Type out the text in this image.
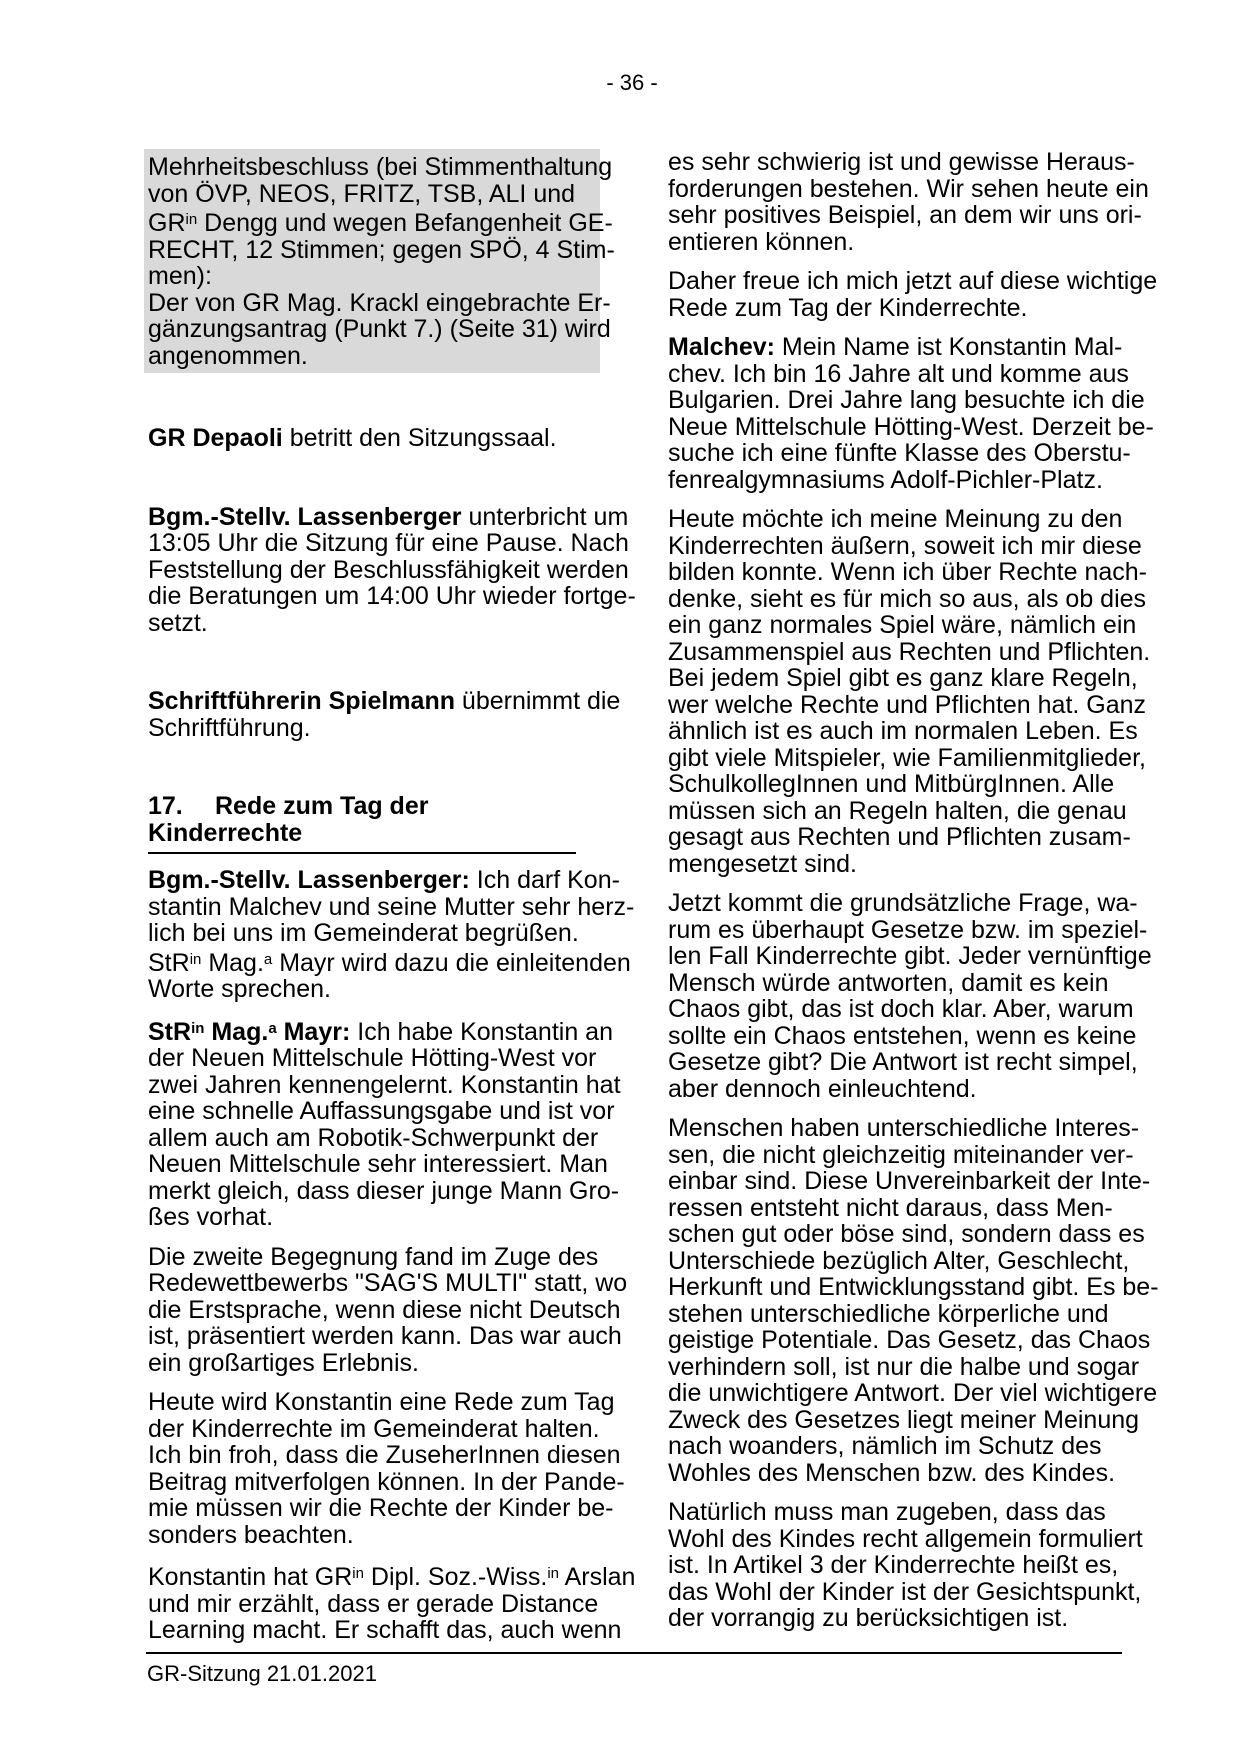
- 36 -
Mehrheitsbeschluss (bei Stimmenthaltung
von ÖVP, NEOS, FRITZ, TSB, ALI und
$GR^{in}$ Dengg und wegen Befangenheit GE-
RECHT, 12 Stimmen; gegen SPÖ, 4 Stim-
men):
Der von GR Mag. Krackl eingebrachte Er-
gänzungsantrag (Punkt 7.) (Seite 31) wird
angenommen.
GR Depaoli betritt den Sitzungssaal.
Bgm.-Stellv. Lassenberger unterbricht um
13:05 Uhr die Sitzung für eine Pause. Nach
Feststellung der Beschlussfähigkeit werden
die Beratungen um 14:00 Uhr wieder fortge-
setzt.
Schriftführerin Spielmann übernimmt die
Schriftführung.
17. Rede zum Tag der Kinderrechte
Bgm.-Stellv. Lassenberger: Ich darf Kon-
stantin Malchev und seine Mutter sehr herz-
lich bei uns im Gemeinderat begrüßen.
StR$^{in}$ Mag.$^a$ Mayr wird dazu die einleitenden
Worte sprechen.
StR$^{in}$ Mag.$^a$ Mayr: Ich habe Konstantin an
der Neuen Mittelschule Hötting-West vor
zwei Jahren kennengelernt. Konstantin hat
eine schnelle Auffassungsgabe und ist vor
allem auch am Robotik-Schwerpunkt der
Neuen Mittelschule sehr interessiert. Man
merkt gleich, dass dieser junge Mann Gro-
ßes vorhat.
Die zweite Begegnung fand im Zuge des
Redewettbewerbs "SAG'S MULTI" statt, wo
die Erstsprache, wenn diese nicht Deutsch
ist, präsentiert werden kann. Das war auch
ein großartiges Erlebnis.
Heute wird Konstantin eine Rede zum Tag
der Kinderrechte im Gemeinderat halten.
Ich bin froh, dass die ZuseherInnen diesen
Beitrag mitverfolgen können. In der Pande-
mie müssen wir die Rechte der Kinder be-
sonders beachten.
Konstantin hat $GR^{in}$ Dipl. Soz.-Wiss.$^{in}$ Arslan
und mir erzählt, dass er gerade Distance
Learning macht. Er schafft das, auch wenn
es sehr schwierig ist und gewisse Heraus-
forderungen bestehen. Wir sehen heute ein
sehr positives Beispiel, an dem wir uns ori-
entieren können.
Daher freue ich mich jetzt auf diese wichtige
Rede zum Tag der Kinderrechte.
Malchev: Mein Name ist Konstantin Mal-
chev. Ich bin 16 Jahre alt und komme aus
Bulgarien. Drei Jahre lang besuchte ich die
Neue Mittelschule Hötting-West. Derzeit be-
suche ich eine fünfte Klasse des Oberstu-
fenrealgymnasiums Adolf-Pichler-Platz.
Heute möchte ich meine Meinung zu den
Kinderrechten äußern, soweit ich mir diese
bilden konnte. Wenn ich über Rechte nach-
denke, sieht es für mich so aus, als ob dies
ein ganz normales Spiel wäre, nämlich ein
Zusammenspiel aus Rechten und Pflichten.
Bei jedem Spiel gibt es ganz klare Regeln,
wer welche Rechte und Pflichten hat. Ganz
ähnlich ist es auch im normalen Leben. Es
gibt viele Mitspieler, wie Familienmitglieder,
SchulkollegInnen und MitbürgInnen. Alle
müssen sich an Regeln halten, die genau
gesagt aus Rechten und Pflichten zusam-
mengesetzt sind.
Jetzt kommt die grundsätzliche Frage, wa-
rum es überhaupt Gesetze bzw. im speziel-
len Fall Kinderrechte gibt. Jeder vernünftige
Mensch würde antworten, damit es kein
Chaos gibt, das ist doch klar. Aber, warum
sollte ein Chaos entstehen, wenn es keine
Gesetze gibt? Die Antwort ist recht simpel,
aber dennoch einleuchtend.
Menschen haben unterschiedliche Interes-
sen, die nicht gleichzeitig miteinander ver-
einbar sind. Diese Unvereinbarkeit der Inte-
ressen entsteht nicht daraus, dass Men-
schen gut oder böse sind, sondern dass es
Unterschiede bezüglich Alter, Geschlecht,
Herkunft und Entwicklungsstand gibt. Es be-
stehen unterschiedliche körperliche und
geistige Potentiale. Das Gesetz, das Chaos
verhindern soll, ist nur die halbe und sogar
die unwichtigere Antwort. Der viel wichtigere
Zweck des Gesetzes liegt meiner Meinung
nach woanders, nämlich im Schutz des
Wohles des Menschen bzw. des Kindes.
Natürlich muss man zugeben, dass das
Wohl des Kindes recht allgemein formuliert
ist. In Artikel 3 der Kinderrechte heißt es,
das Wohl der Kinder ist der Gesichtspunkt,
der vorrangig zu berücksichtigen ist.
GR-Sitzung 21.01.2021
